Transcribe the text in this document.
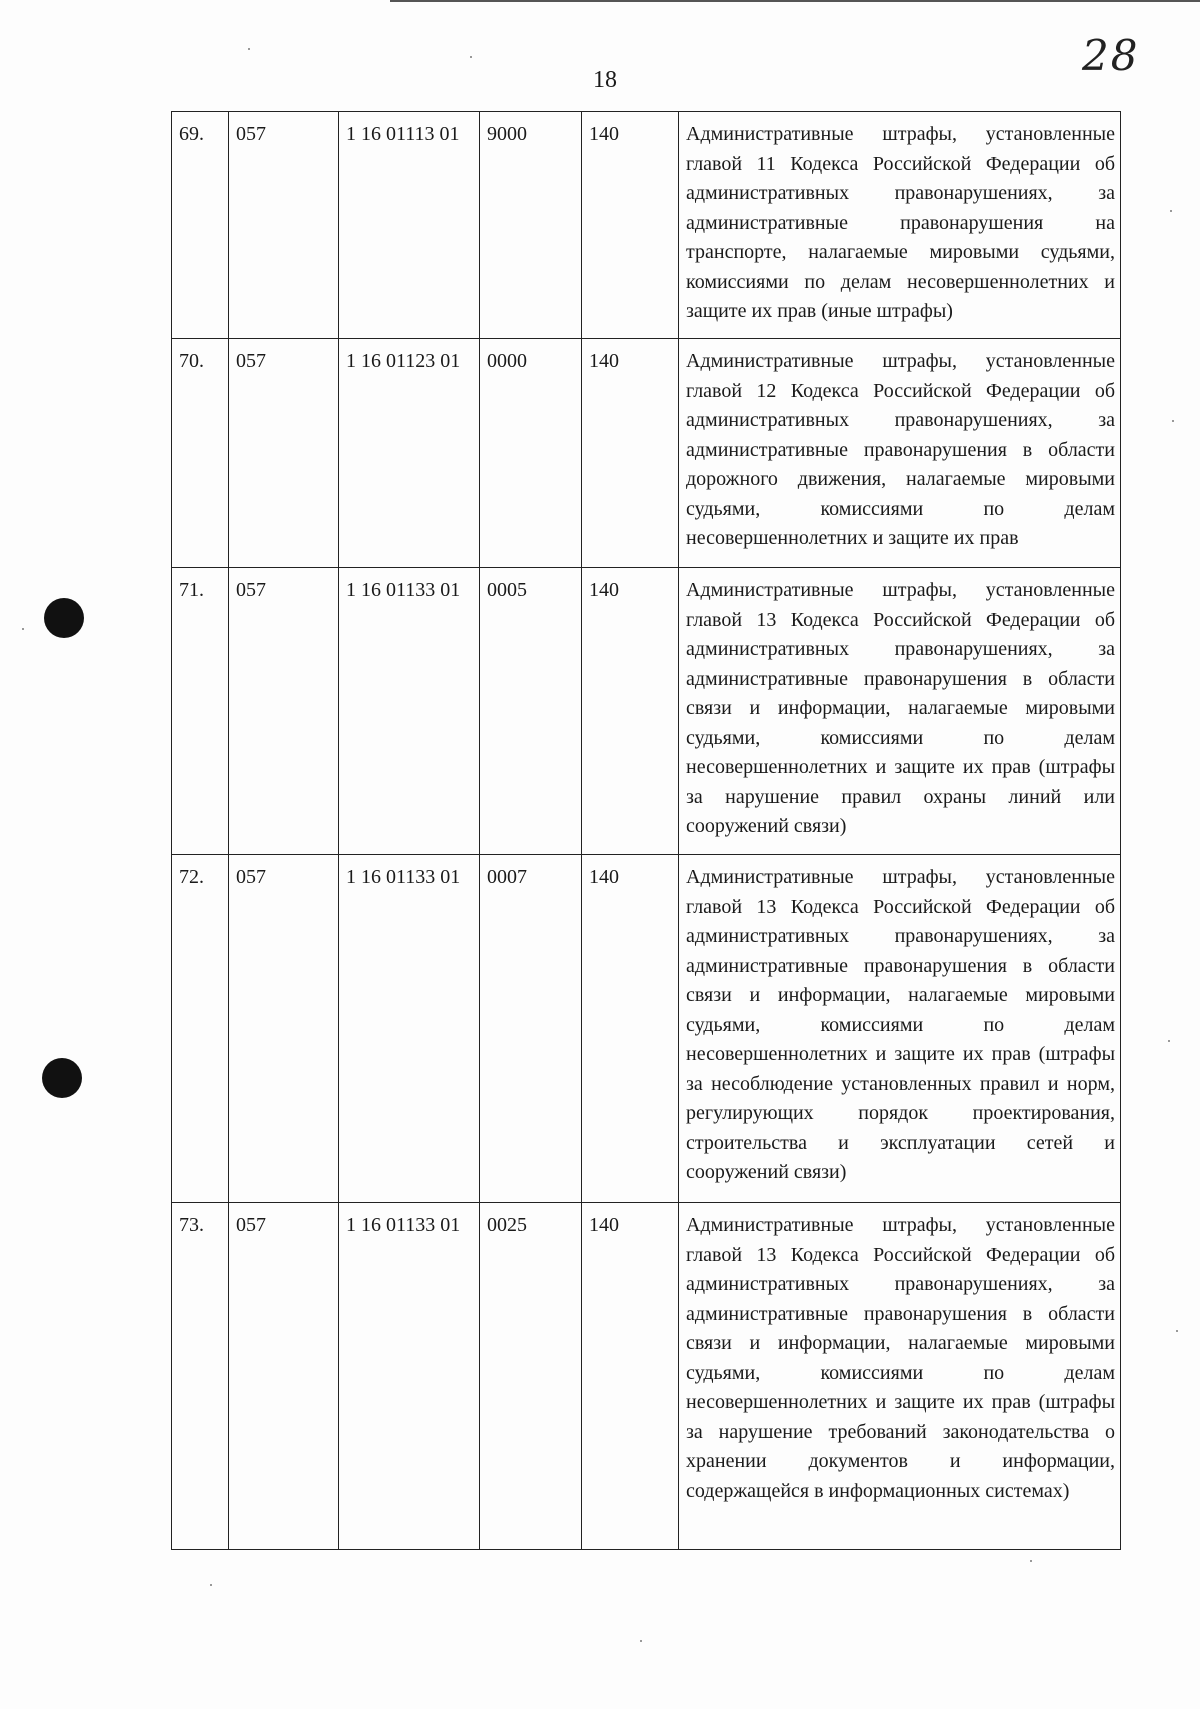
18	28
69.	057	1 16 01113 01	9000	140	Административные штрафы, установленные главой 11 Кодекса Российской Федерации об административных правонарушениях, за административные правонарушения на транспорте, налагаемые мировыми судьями, комиссиями по делам несовершеннолетних и защите их прав (иные штрафы)
70.	057	1 16 01123 01	0000	140	Административные штрафы, установленные главой 12 Кодекса Российской Федерации об административных правонарушениях, за административные правонарушения в области дорожного движения, налагаемые мировыми судьями, комиссиями по делам несовершеннолетних и защите их прав
71.	057	1 16 01133 01	0005	140	Административные штрафы, установленные главой 13 Кодекса Российской Федерации об административных правонарушениях, за административные правонарушения в области связи и информации, налагаемые мировыми судьями, комиссиями по делам несовершеннолетних и защите их прав (штрафы за нарушение правил охраны линий или сооружений связи)
72.	057	1 16 01133 01	0007	140	Административные штрафы, установленные главой 13 Кодекса Российской Федерации об административных правонарушениях, за административные правонарушения в области связи и информации, налагаемые мировыми судьями, комиссиями по делам несовершеннолетних и защите их прав (штрафы за несоблюдение установленных правил и норм, регулирующих порядок проектирования, строительства и эксплуатации сетей и сооружений связи)
73.	057	1 16 01133 01	0025	140	Административные штрафы, установленные главой 13 Кодекса Российской Федерации об административных правонарушениях, за административные правонарушения в области связи и информации, налагаемые мировыми судьями, комиссиями по делам несовершеннолетних и защите их прав (штрафы за нарушение требований законодательства о хранении документов и информации, содержащейся в информационных системах)
